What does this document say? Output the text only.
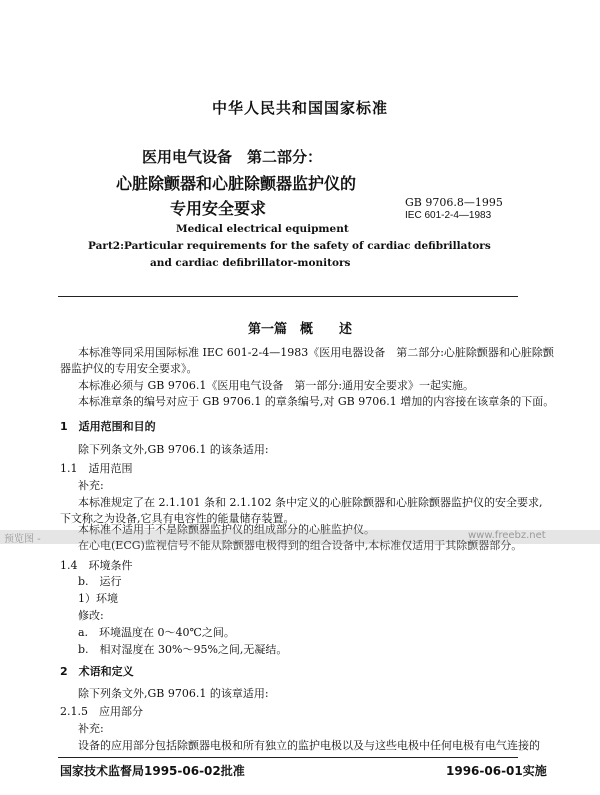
中华人民共和国国家标准
医用电气设备　第二部分：
心脏除颤器和心脏除颤器监护仪的
专用安全要求	GB 9706.8—1995
IEC 601-2-4—1983
Medical electrical equipment
Part2:Particular requirements for the safety of cardiac defibrillators
and cardiac defibrillator-monitors
第一篇　概　　述
本标准等同采用国际标准 IEC 601-2-4—1983《医用电器设备　第二部分:心脏除颤器和心脏除颤
器监护仪的专用安全要求》。
本标准必须与 GB 9706.1《医用电气设备　第一部分:通用安全要求》一起实施。
本标准章条的编号对应于 GB 9706.1 的章条编号,对 GB 9706.1 增加的内容接在该章条的下面。
1　适用范围和目的
除下列条文外,GB 9706.1 的该条适用:
1.1　适用范围
补充:
本标准规定了在 2.1.101 条和 2.1.102 条中定义的心脏除颤器和心脏除颤器监护仪的安全要求,
下文称之为设备,它具有电容性的能量储存装置。
本标准不适用于不是除颤器监护仪的组成部分的心脏监护仪。
预览图 -	在心电(ECG)监视信号不能从除颤器电极得到的组合设备中,本标准仅适用于其除颤器部分。
www.freebz.net
1.4　环境条件
b.　运行
1）环境
修改:
a.　环境温度在 0～40℃之间。
b.　相对湿度在 30%～95%之间,无凝结。
2　术语和定义
除下列条文外,GB 9706.1 的该章适用:
2.1.5　应用部分
补充:
设备的应用部分包括除颤器电极和所有独立的监护电极以及与这些电极中任何电极有电气连接的
国家技术监督局1995-06-02批准	1996-06-01实施
